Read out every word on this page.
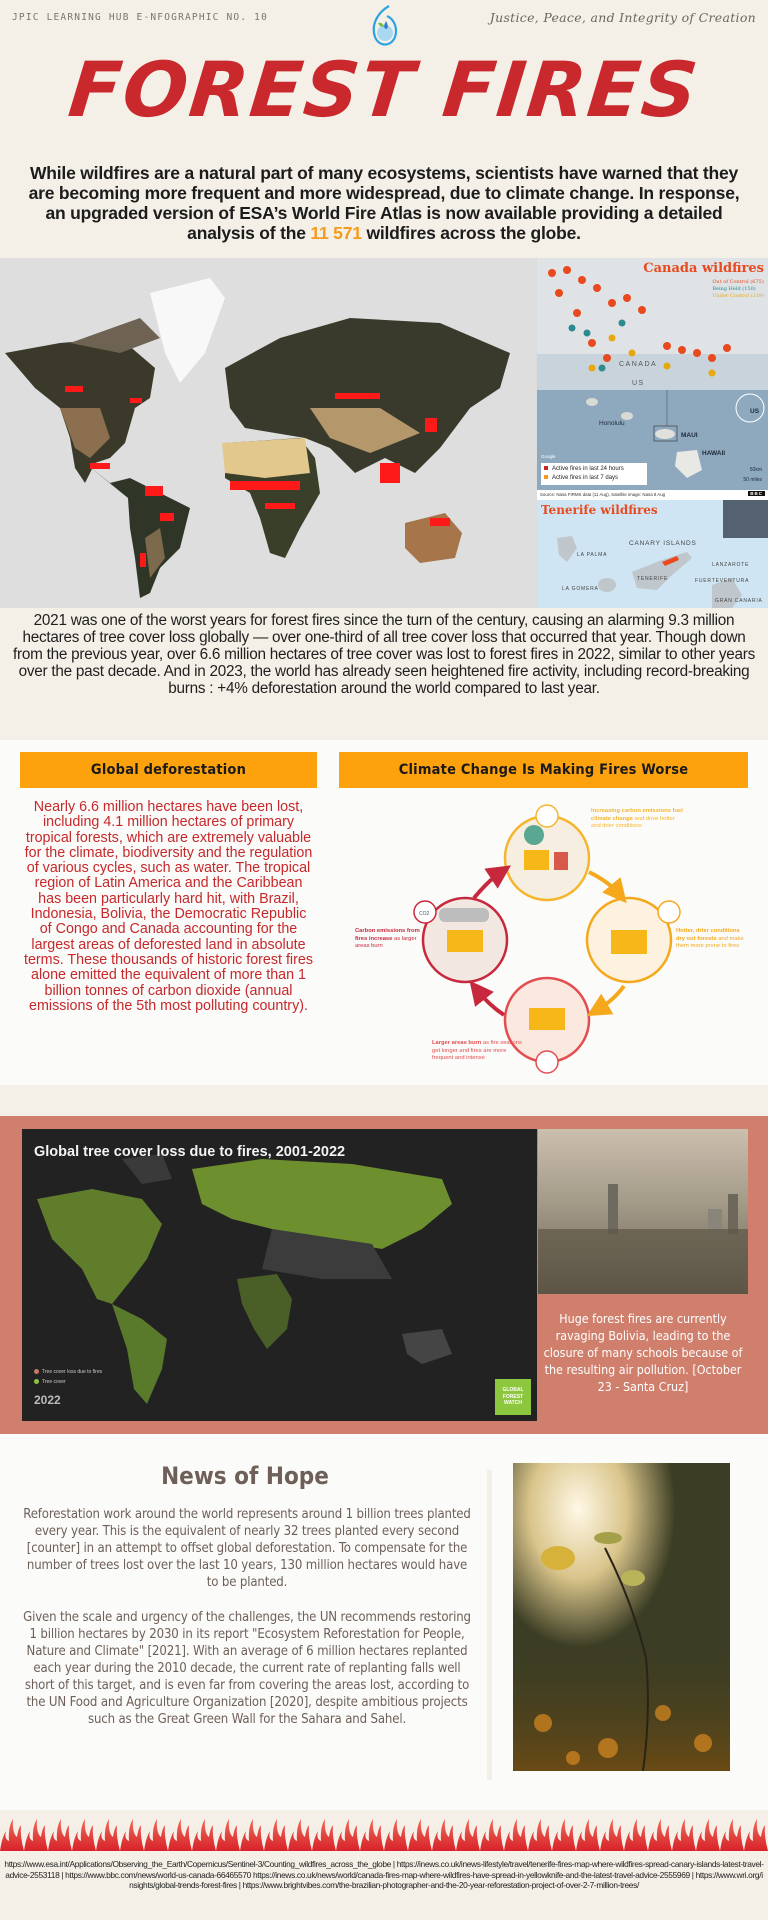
JPIC LEARNING HUB E-NFOGRAPHIC NO. 10	Justice, Peace, and Integrity of Creation
FOREST FIRES

While wildfires are a natural part of many ecosystems, scientists have warned that they are becoming more frequent and more widespread, due to climate change. In response, an upgraded version of ESA’s World Fire Atlas is now available providing a detailed analysis of the 11 571 wildfires across the globe.

Canada wildfires
Out of Control (675)
Being Held (150)
Under Control (219)
CANADA
US
Honolulu
MAUI
HAWAII
US
Google
Active fires in last 24 hours
Active fires in last 7 days
50km
50 miles
Source: Nasa FIRMS data (11 Aug), Satellite image: Nasa 8 Aug	BBC
Tenerife wildfires
CANARY ISLANDS
LA PALMA
LANZAROTE
FUERTEVENTURA
LA GOMERA
TENERIFE
GRAN CANARIA

2021 was one of the worst years for forest fires since the turn of the century, causing an alarming 9.3 million hectares of tree cover loss globally — over one-third of all tree cover loss that occurred that year. Though down from the previous year, over 6.6 million hectares of tree cover was lost to forest fires in 2022, similar to other years over the past decade. And in 2023, the world has already seen heightened fire activity, including record-breaking burns : +4% deforestation around the world compared to last year.

Global deforestation

Nearly 6.6 million hectares have been lost, including 4.1 million hectares of primary tropical forests, which are extremely valuable for the climate, biodiversity and the regulation of various cycles, such as water. The tropical region of Latin America and the Caribbean has been particularly hard hit, with Brazil, Indonesia, Bolivia, the Democratic Republic of Congo and Canada accounting for the largest areas of deforested land in absolute terms. These thousands of historic forest fires alone emitted the equivalent of more than 1 billion tonnes of carbon dioxide (annual emissions of the 5th most polluting country).

Climate Change Is Making Fires Worse
CO2
Increasing carbon emissions fuel climate change and drive hotter and drier conditions
Hotter, drier conditions dry out forests and make them more prone to fires
Larger areas burn as fire seasons get longer and fires are more frequent and intense
Carbon emissions from fires increase as larger areas burn
Global tree cover loss due to fires, 2001-2022
Tree cover loss due to fires
Tree cover
2022
GLOBAL
FOREST
WATCH

Huge forest fires are currently ravaging Bolivia, leading to the closure of many schools because of the resulting air pollution. [October 23 - Santa Cruz]

News of Hope

Reforestation work around the world represents around 1 billion trees planted every year. This is the equivalent of nearly 32 trees planted every second [counter] in an attempt to offset global deforestation. To compensate for the number of trees lost over the last 10 years, 130 million hectares would have to be planted.

Given the scale and urgency of the challenges, the UN recommends restoring 1 billion hectares by 2030 in its report "Ecosystem Reforestation for People, Nature and Climate" [2021]. With an average of 6 million hectares replanted each year during the 2010 decade, the current rate of replanting falls well short of this target, and is even far from covering the areas lost, according to the UN Food and Agriculture Organization [2020], despite ambitious projects such as the Great Green Wall for the Sahara and Sahel.

https://www.esa.int/Applications/Observing_the_Earth/Copernicus/Sentinel-3/Counting_wildfires_across_the_globe | https://inews.co.uk/inews-lifestyle/travel/tenerife-fires-map-where-wildfires-spread-canary-islands-latest-travel-advice-2553118 | https://www.bbc.com/news/world-us-canada-66465570 https://inews.co.uk/news/world/canada-fires-map-where-wildfires-have-spread-in-yellowknife-and-the-latest-travel-advice-2555969 | https://www.wri.org/insights/global-trends-forest-fires | https://www.brightvibes.com/the-brazilian-photographer-and-the-20-year-reforestation-project-of-over-2-7-million-trees/
